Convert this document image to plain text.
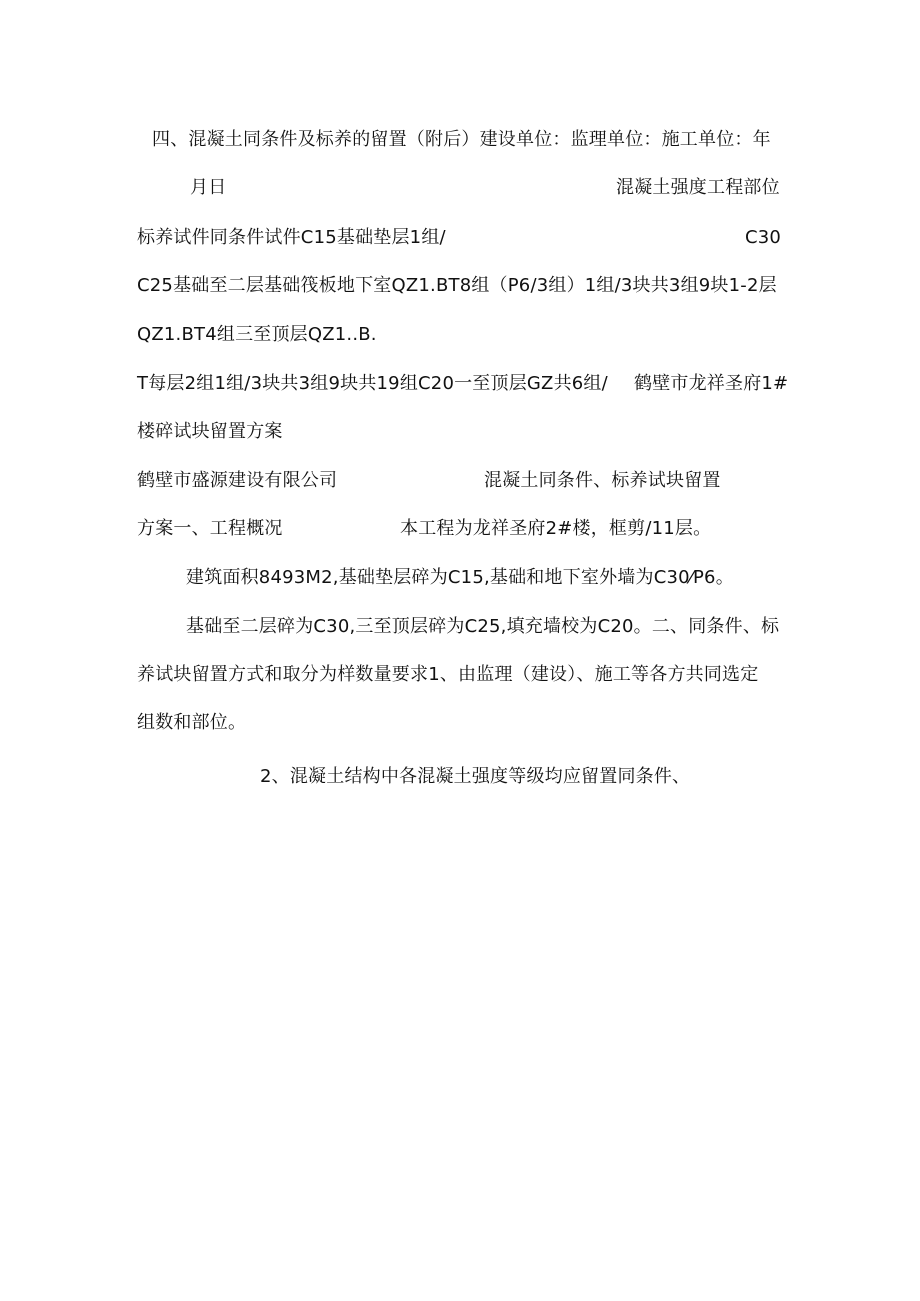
四、混凝土同条件及标养的留置（附后）建设单位：监理单位：施工单位：年
月日	混凝土强度工程部位
标养试件同条件试件C15基础垫层1组/	C30
C25基础至二层基础筏板地下室QZ1.BT8组（P6/3组）1组/3块共3组9块1-2层
QZ1.BT4组三至顶层QZ1..B.
T每层2组1组/3块共3组9块共19组C20一至顶层GZ共6组/ 鹤壁市龙祥圣府1#
楼碎试块留置方案
鹤壁市盛源建设有限公司	混凝土同条件、标养试块留置
方案一、工程概况	本工程为龙祥圣府2#楼，框剪/11层。
建筑面积8493M2,基础垫层碎为C15,基础和地下室外墙为C30⁄P6。
基础至二层碎为C30,三至顶层碎为C25,填充墙校为C20。二、同条件、标
养试块留置方式和取分为样数量要求1、由监理（建设）、施工等各方共同选定
组数和部位。
2、混凝土结构中各混凝土强度等级均应留置同条件、
